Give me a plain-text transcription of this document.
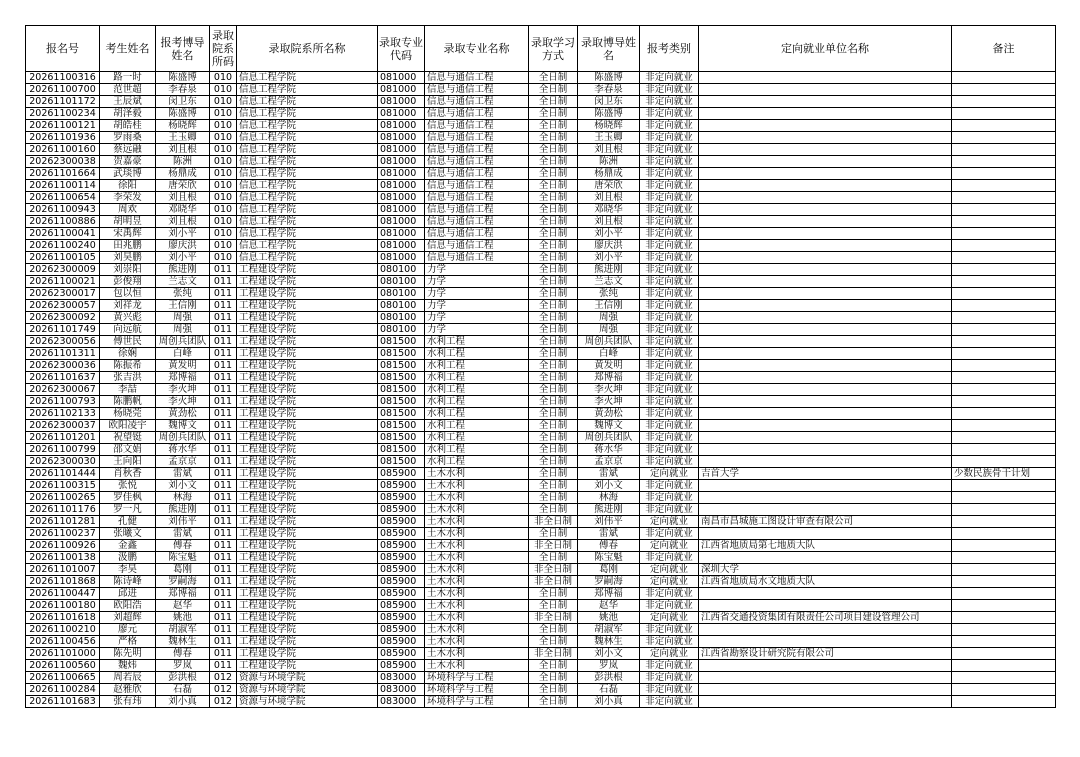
报名号	考生姓名	报考博导姓名	录取院系所码	录取院系所名称	录取专业代码	录取专业名称	录取学习方式	录取博导姓名	报考类别	定向就业单位名称	备注
20261100316	路一时	陈盛博	010	信息工程学院	081000	信息与通信工程	全日制	陈盛博	非定向就业		
20261100700	范世超	李春泉	010	信息工程学院	081000	信息与通信工程	全日制	李春泉	非定向就业		
20261101172	王辰斌	闵卫东	010	信息工程学院	081000	信息与通信工程	全日制	闵卫东	非定向就业		
20261100234	胡泽毅	陈盛博	010	信息工程学院	081000	信息与通信工程	全日制	陈盛博	非定向就业		
20261100121	胡皓桂	杨晓辉	010	信息工程学院	081000	信息与通信工程	全日制	杨晓辉	非定向就业		
20261101936	罗雨桑	王玉卿	010	信息工程学院	081000	信息与通信工程	全日制	王玉卿	非定向就业		
20261100160	蔡远融	刘且根	010	信息工程学院	081000	信息与通信工程	全日制	刘且根	非定向就业		
20262300038	贺嘉豪	陈洲	010	信息工程学院	081000	信息与通信工程	全日制	陈洲	非定向就业		
20261101664	武琰博	杨鼎成	010	信息工程学院	081000	信息与通信工程	全日制	杨鼎成	非定向就业		
20261100114	徐阳	唐荣欣	010	信息工程学院	081000	信息与通信工程	全日制	唐荣欣	非定向就业		
20261100654	李荣发	刘且根	010	信息工程学院	081000	信息与通信工程	全日制	刘且根	非定向就业		
20261100943	周欢	邓晓华	010	信息工程学院	081000	信息与通信工程	全日制	邓晓华	非定向就业		
20261100886	胡明昱	刘且根	010	信息工程学院	081000	信息与通信工程	全日制	刘且根	非定向就业		
20261100041	宋禹辉	刘小平	010	信息工程学院	081000	信息与通信工程	全日制	刘小平	非定向就业		
20261100240	田兆鹏	廖庆洪	010	信息工程学院	081000	信息与通信工程	全日制	廖庆洪	非定向就业		
20261100105	刘昊鹏	刘小平	010	信息工程学院	081000	信息与通信工程	全日制	刘小平	非定向就业		
20262300009	刘崇阳	熊进刚	011	工程建设学院	080100	力学	全日制	熊进刚	非定向就业		
20261100021	彭俊翔	兰志文	011	工程建设学院	080100	力学	全日制	兰志文	非定向就业		
20262300017	包以恒	张纯	011	工程建设学院	080100	力学	全日制	张纯	非定向就业		
20262300057	刘祥龙	王信刚	011	工程建设学院	080100	力学	全日制	王信刚	非定向就业		
20262300092	黄兴彪	周强	011	工程建设学院	080100	力学	全日制	周强	非定向就业		
20261101749	向远航	周强	011	工程建设学院	080100	力学	全日制	周强	非定向就业		
20262300056	傅世民	周创兵团队	011	工程建设学院	081500	水利工程	全日制	周创兵团队	非定向就业		
20261101311	徐娴	白峰	011	工程建设学院	081500	水利工程	全日制	白峰	非定向就业		
20262300036	陈振希	黄发明	011	工程建设学院	081500	水利工程	全日制	黄发明	非定向就业		
20261101637	张吉洪	郑博福	011	工程建设学院	081500	水利工程	全日制	郑博福	非定向就业		
20262300067	李喆	李火坤	011	工程建设学院	081500	水利工程	全日制	李火坤	非定向就业		
20261100793	陈鹏帆	李火坤	011	工程建设学院	081500	水利工程	全日制	李火坤	非定向就业		
20261102133	杨晓莞	黄劲松	011	工程建设学院	081500	水利工程	全日制	黄劲松	非定向就业		
20262300037	欧阳凌宇	魏博文	011	工程建设学院	081500	水利工程	全日制	魏博文	非定向就业		
20261101201	祝望铤	周创兵团队	011	工程建设学院	081500	水利工程	全日制	周创兵团队	非定向就业		
20261100799	邵文娟	蒋水华	011	工程建设学院	081500	水利工程	全日制	蒋水华	非定向就业		
20262300030	王向阳	孟京京	011	工程建设学院	081500	水利工程	全日制	孟京京	非定向就业		
20261101444	肖秋香	雷斌	011	工程建设学院	085900	土木水利	全日制	雷斌	定向就业	吉首大学	少数民族骨干计划
20261100315	张悦	刘小文	011	工程建设学院	085900	土木水利	全日制	刘小文	非定向就业		
20261100265	罗佳枫	林海	011	工程建设学院	085900	土木水利	全日制	林海	非定向就业		
20261101176	罗一凡	熊进刚	011	工程建设学院	085900	土木水利	全日制	熊进刚	非定向就业		
20261101281	孔健	刘伟平	011	工程建设学院	085900	土木水利	非全日制	刘伟平	定向就业	南昌市昌城施工图设计审查有限公司	
20261100237	张曦文	雷斌	011	工程建设学院	085900	土木水利	全日制	雷斌	非定向就业		
20261100926	金鑫	傅春	011	工程建设学院	085900	土木水利	非全日制	傅春	定向就业	江西省地质局第七地质大队	
20261100138	汲鹏	陈宝魁	011	工程建设学院	085900	土木水利	全日制	陈宝魁	非定向就业		
20261101007	李昊	葛刚	011	工程建设学院	085900	土木水利	非全日制	葛刚	定向就业	深圳大学	
20261101868	陈诗峰	罗嗣海	011	工程建设学院	085900	土木水利	非全日制	罗嗣海	定向就业	江西省地质局水文地质大队	
20261100447	邱进	郑博福	011	工程建设学院	085900	土木水利	全日制	郑博福	非定向就业		
20261100180	欧阳浩	赵华	011	工程建设学院	085900	土木水利	全日制	赵华	非定向就业		
20261101618	刘超辉	姚池	011	工程建设学院	085900	土木水利	非全日制	姚池	定向就业	江西省交通投资集团有限责任公司项目建设管理公司	
20261100210	廖元	胡淑军	011	工程建设学院	085900	土木水利	全日制	胡淑军	非定向就业		
20261100456	严格	魏林生	011	工程建设学院	085900	土木水利	全日制	魏林生	非定向就业		
20261101000	陈先明	傅春	011	工程建设学院	085900	土木水利	非全日制	刘小文	定向就业	江西省勘察设计研究院有限公司	
20261100560	魏炜	罗岚	011	工程建设学院	085900	土木水利	全日制	罗岚	非定向就业		
20261100665	周若辰	彭洪根	012	资源与环境学院	083000	环境科学与工程	全日制	彭洪根	非定向就业		
20261100284	赵雅欣	石磊	012	资源与环境学院	083000	环境科学与工程	全日制	石磊	非定向就业		
20261101683	张有玮	刘小真	012	资源与环境学院	083000	环境科学与工程	全日制	刘小真	非定向就业		
